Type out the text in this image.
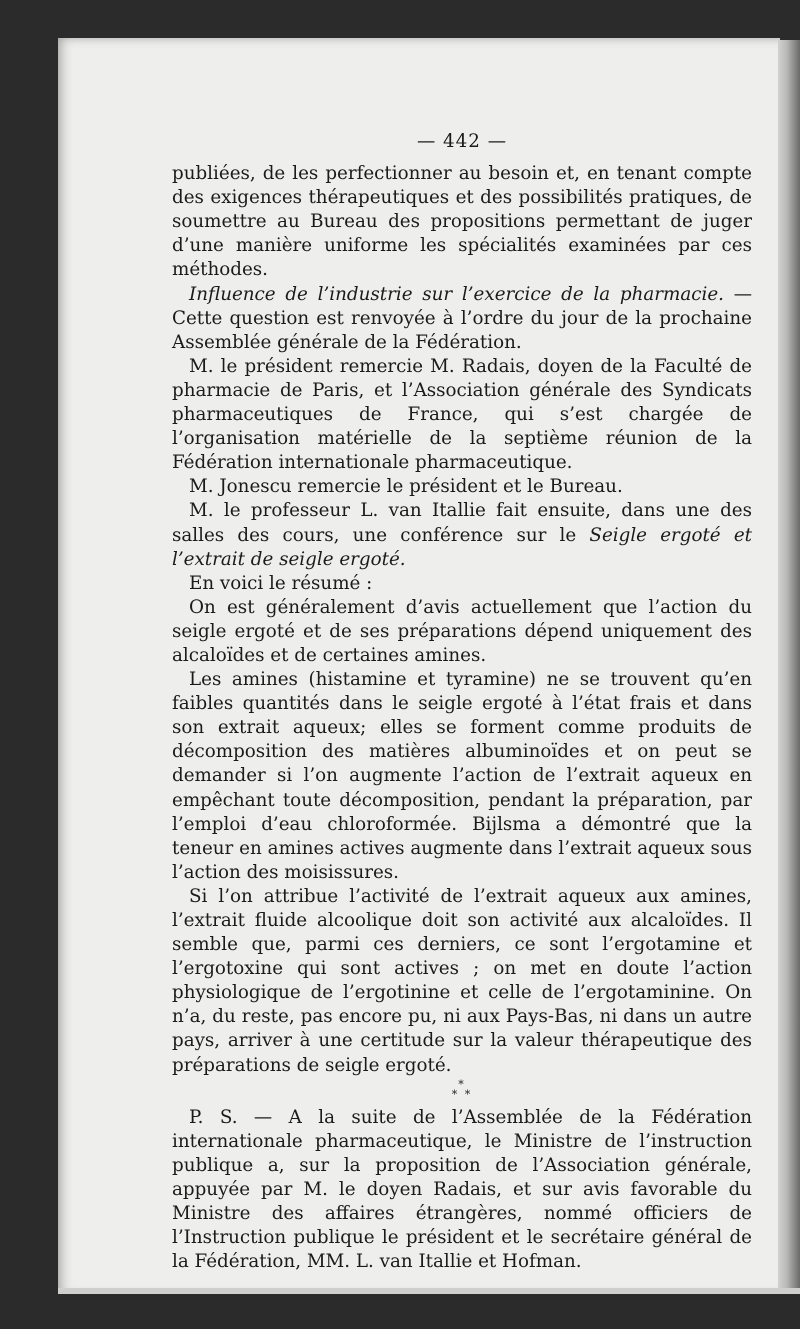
— 442 —

publiées, de les perfectionner au besoin et, en tenant compte des exigences thérapeutiques et des possibilités pratiques, de soumettre au Bureau des propositions permettant de juger d’une manière uniforme les spécialités examinées par ces méthodes.

Influence de l’industrie sur l’exercice de la pharmacie. — Cette question est renvoyée à l’ordre du jour de la prochaine Assemblée générale de la Fédération.

M. le président remercie M. Radais, doyen de la Faculté de pharmacie de Paris, et l’Association générale des Syndicats pharmaceutiques de France, qui s’est chargée de l’organisation matérielle de la septième réunion de la Fédération internationale pharmaceutique.

M. Jonescu remercie le président et le Bureau.

M. le professeur L. van Itallie fait ensuite, dans une des salles des cours, une conférence sur le Seigle ergoté et l’extrait de seigle ergoté.

En voici le résumé :

On est généralement d’avis actuellement que l’action du seigle ergoté et de ses préparations dépend uniquement des alcaloïdes et de certaines amines.

Les amines (histamine et tyramine) ne se trouvent qu’en faibles quantités dans le seigle ergoté à l’état frais et dans son extrait aqueux; elles se forment comme produits de décomposition des matières albuminoïdes et on peut se demander si l’on augmente l’action de l’extrait aqueux en empêchant toute décomposition, pendant la préparation, par l’emploi d’eau chloroformée. Bijlsma a démontré que la teneur en amines actives augmente dans l’extrait aqueux sous l’action des moisissures.

Si l’on attribue l’activité de l’extrait aqueux aux amines, l’extrait fluide alcoolique doit son activité aux alcaloïdes. Il semble que, parmi ces derniers, ce sont l’ergotamine et l’ergotoxine qui sont actives ; on met en doute l’action physiologique de l’ergotinine et celle de l’ergotaminine. On n’a, du reste, pas encore pu, ni aux Pays-Bas, ni dans un autre pays, arriver à une certitude sur la valeur thérapeutique des préparations de seigle ergoté.

*
* *

P. S. — A la suite de l’Assemblée de la Fédération internationale pharmaceutique, le Ministre de l’instruction publique a, sur la proposition de l’Association générale, appuyée par M. le doyen Radais, et sur avis favorable du Ministre des affaires étrangères, nommé officiers de l’Instruction publique le président et le secrétaire général de la Fédération, MM. L. van Itallie et Hofman.
